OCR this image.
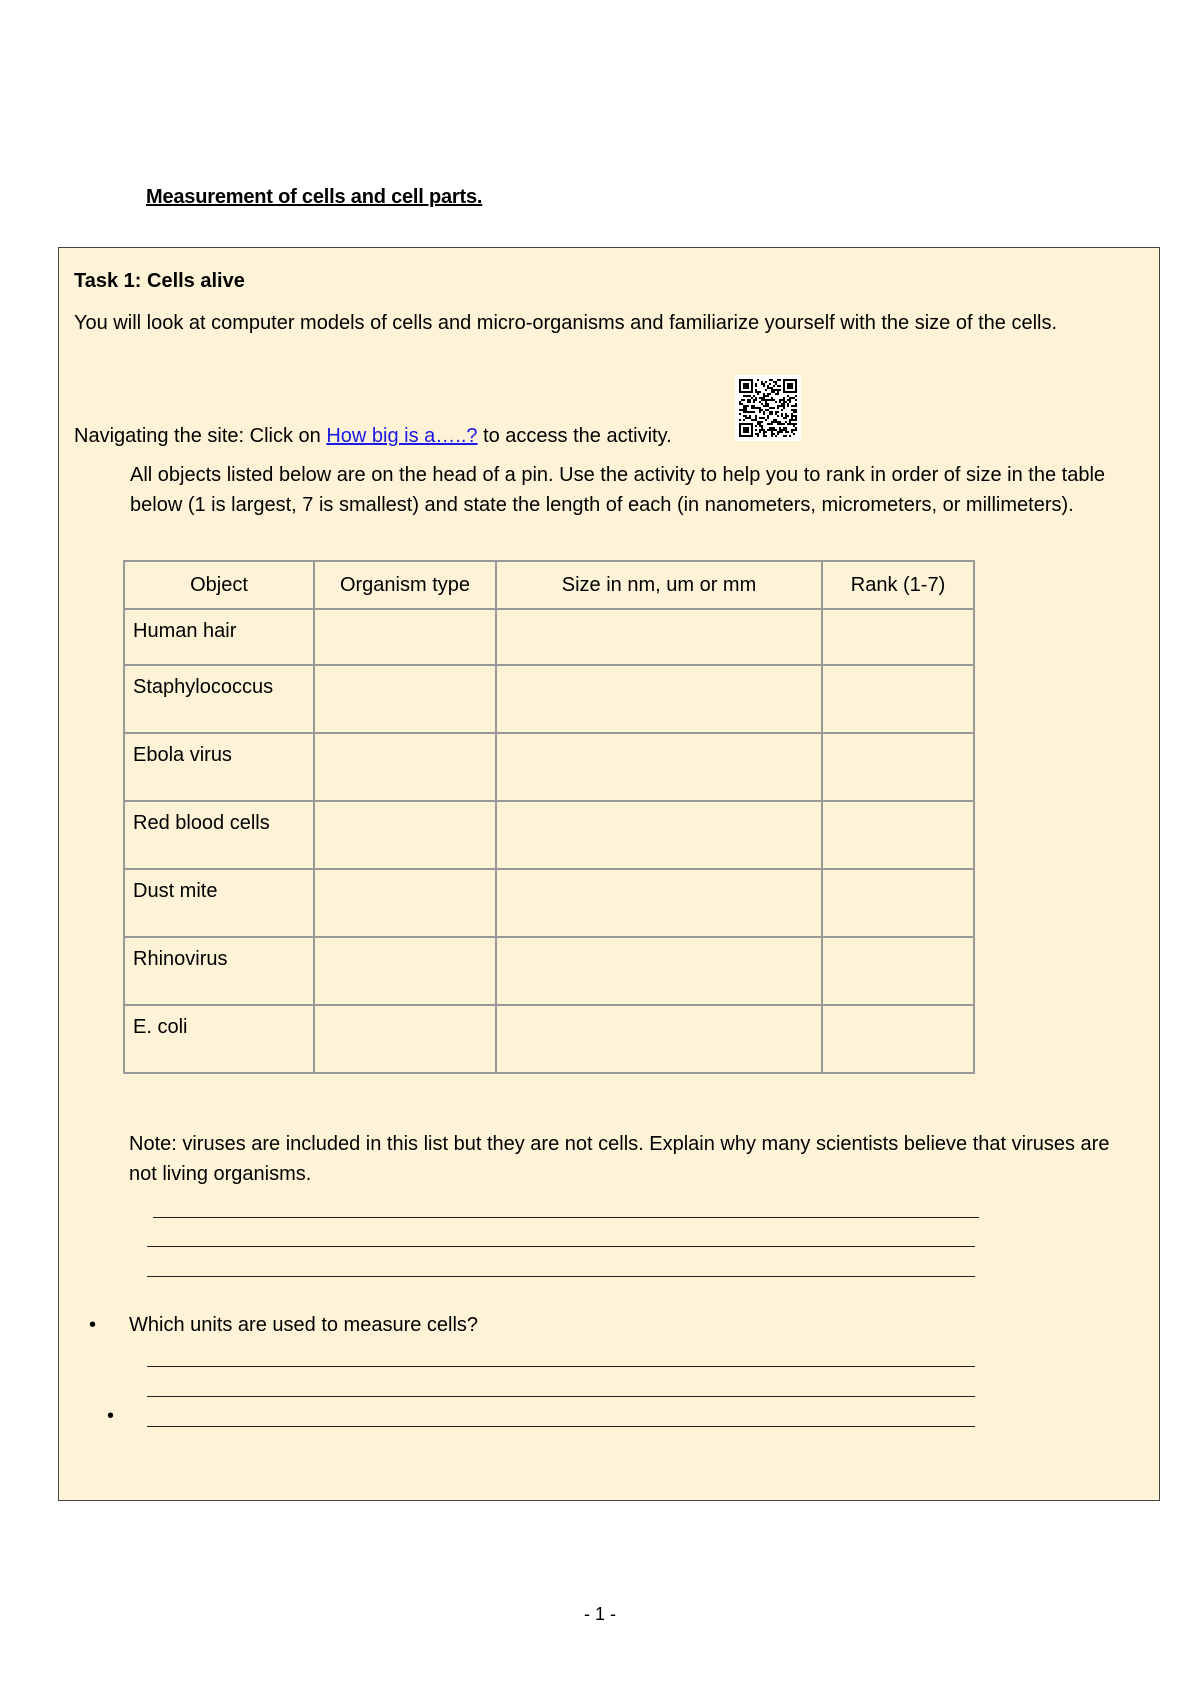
Measurement of cells and cell parts.
Task 1: Cells alive
You will look at computer models of cells and micro-organisms and familiarize yourself with the size of the cells.
Navigating the site: Click on How big is a…..? to access the activity.
All objects listed below are on the head of a pin. Use the activity to help you to rank in order of size in the table below (1 is largest, 7 is smallest) and state the length of each (in nanometers, micrometers, or millimeters).
Object	Organism type	Size in nm, um or mm	Rank (1-7)
Human hair			
Staphylococcus			
Ebola virus			
Red blood cells			
Dust mite			
Rhinovirus			
E. coli			
Note: viruses are included in this list but they are not cells. Explain why many scientists believe that viruses are not living organisms.
• Which units are used to measure cells?
•
- 1 -
